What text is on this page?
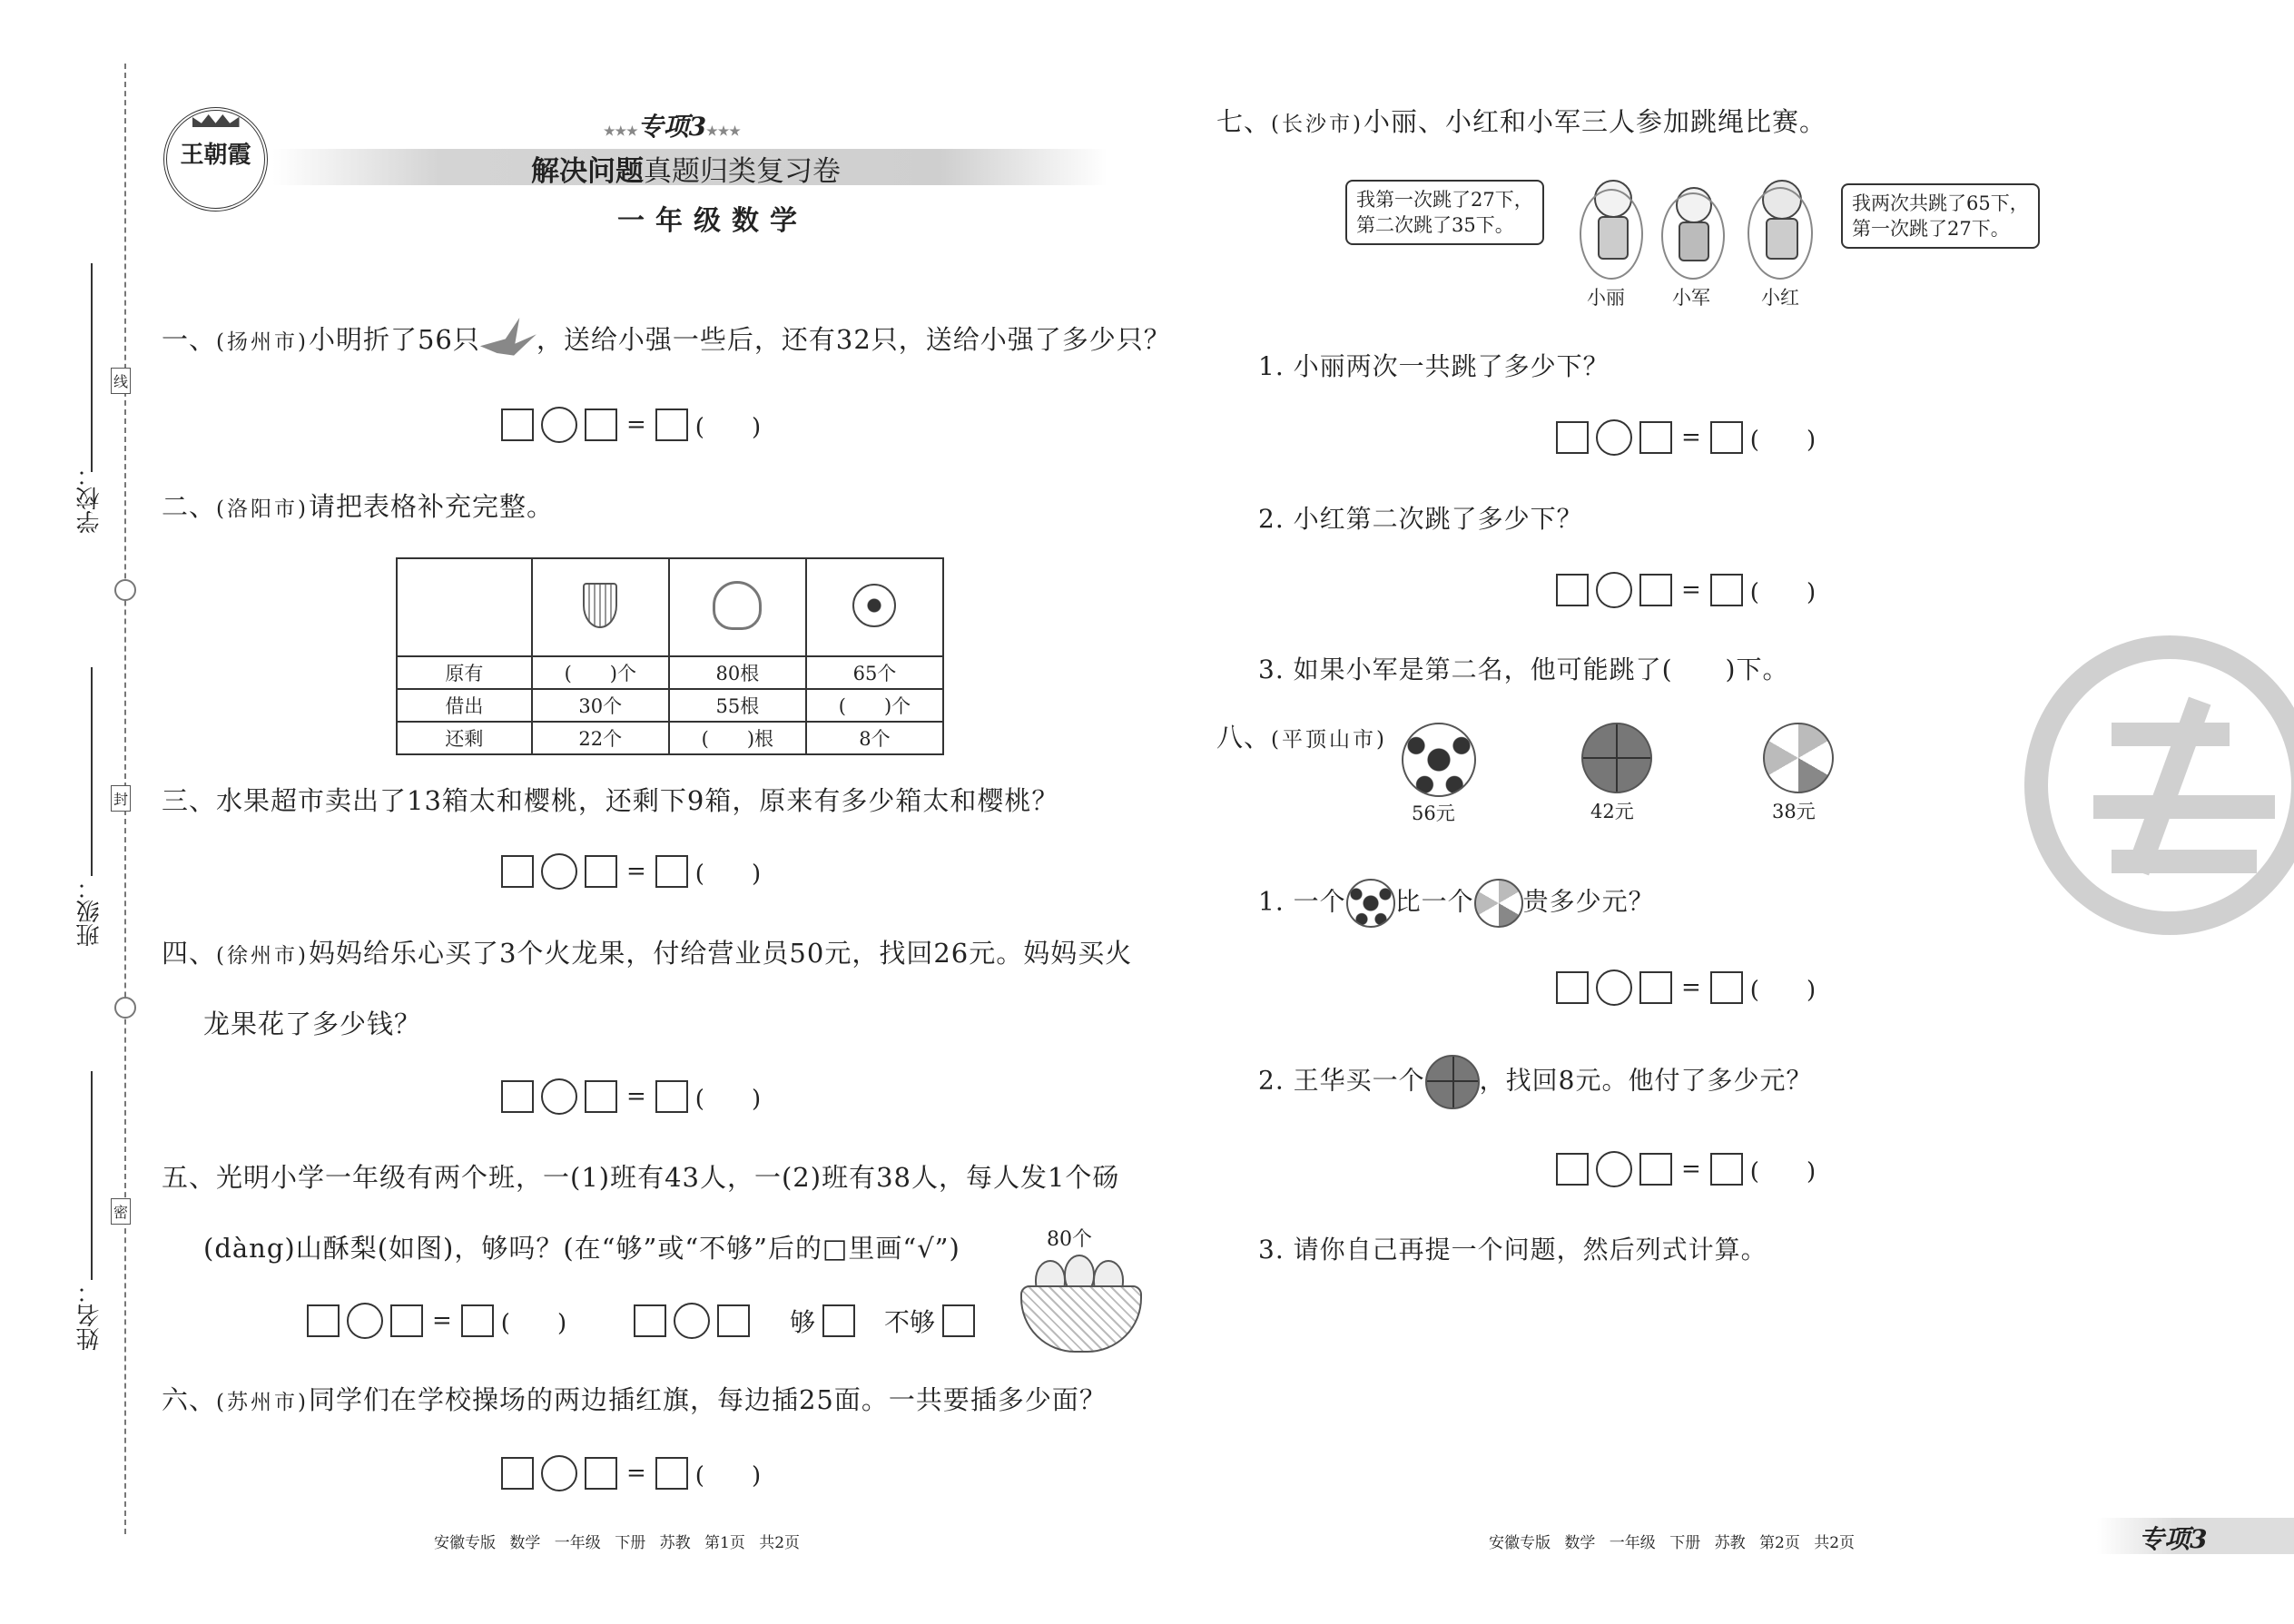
学校：
班级：
姓名：
线
封
密
王朝霞
★★★专项3★★★
解决问题真题归类复习卷
一年级数学
一、(扬州市)小明折了56只 ，送给小强一些后，还有32只，送给小强了多少只？
= (　　)
二、(洛阳市)请把表格补充完整。

原有	(　　)个	80根	65个
借出	30个	55根	(　　)个
还剩	22个	(　　)根	8个
三、水果超市卖出了13箱太和樱桃，还剩下9箱，原来有多少箱太和樱桃？
= (　　)
四、(徐州市)妈妈给乐心买了3个火龙果，付给营业员50元，找回26元。妈妈买火
龙果花了多少钱？
= (　　)
五、光明小学一年级有两个班，一(1)班有43人，一(2)班有38人，每人发1个砀
(dàng)山酥梨(如图)，够吗？(在“够”或“不够”后的□里画“√”)	80个
= (　　)	够	不够
六、(苏州市)同学们在学校操场的两边插红旗，每边插25面。一共要插多少面？
= (　　)
安徽专版 数学 一年级 下册 苏教 第1页 共2页
七、(长沙市)小丽、小红和小军三人参加跳绳比赛。
我第一次跳了27下，
第二次跳了35下。
我两次共跳了65下，
第一次跳了27下。
小丽 小军	小红
1. 小丽两次一共跳了多少下？
= (　　)
2. 小红第二次跳了多少下？
= (　　)
3. 如果小军是第二名，他可能跳了(　　)下。
八、(平顶山市)
56元	42元	38元
1. 一个 比一个 贵多少元？
= (　　)
2. 王华买一个 ，找回8元。他付了多少元？
= (　　)
3. 请你自己再提一个问题，然后列式计算。
安徽专版 数学 一年级 下册 苏教 第2页 共2页	专项3
